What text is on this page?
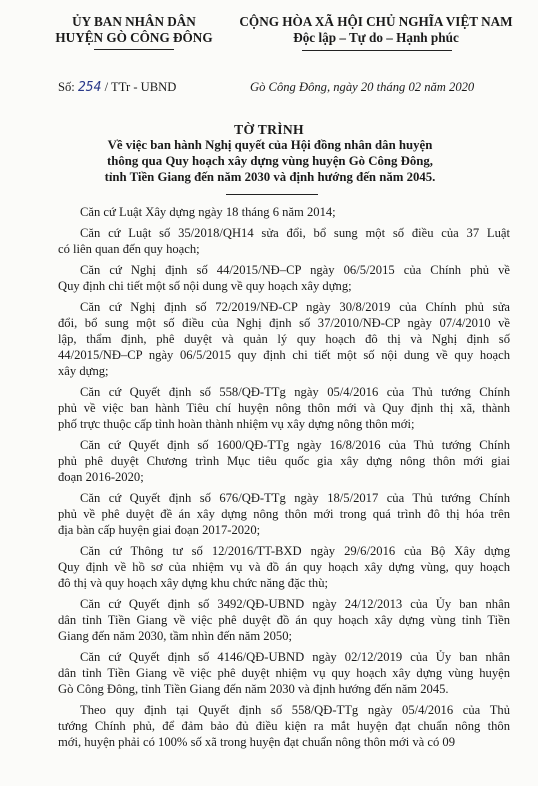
ỦY BAN NHÂN DÂN
HUYỆN GÒ CÔNG ĐÔNG
CỘNG HÒA XÃ HỘI CHỦ NGHĨA VIỆT NAM
Độc lập – Tự do – Hạnh phúc
Số: 254 / TTr - UBND	Gò Công Đông, ngày 20 tháng 02 năm 2020
TỜ TRÌNH
Về việc ban hành Nghị quyết của Hội đồng nhân dân huyện
thông qua Quy hoạch xây dựng vùng huyện Gò Công Đông,
tỉnh Tiền Giang đến năm 2030 và định hướng đến năm 2045.
Căn cứ Luật Xây dựng ngày 18 tháng 6 năm 2014;
Căn cứ Luật số 35/2018/QH14 sửa đổi, bổ sung một số điều của 37 Luật
có liên quan đến quy hoạch;
Căn cứ Nghị định số 44/2015/NĐ–CP ngày 06/5/2015 của Chính phủ về
Quy định chi tiết một số nội dung về quy hoạch xây dựng;
Căn cứ Nghị định số 72/2019/NĐ-CP ngày 30/8/2019 của Chính phủ sửa
đổi, bổ sung một số điều của Nghị định số 37/2010/NĐ-CP ngày 07/4/2010 về
lập, thẩm định, phê duyệt và quản lý quy hoạch đô thị và Nghị định số
44/2015/NĐ–CP ngày 06/5/2015 quy định chi tiết một số nội dung về quy hoạch
xây dựng;
Căn cứ Quyết định số 558/QĐ-TTg ngày 05/4/2016 của Thủ tướng Chính
phủ về việc ban hành Tiêu chí huyện nông thôn mới và Quy định thị xã, thành
phố trực thuộc cấp tỉnh hoàn thành nhiệm vụ xây dựng nông thôn mới;
Căn cứ Quyết định số 1600/QĐ-TTg ngày 16/8/2016 của Thủ tướng Chính
phủ phê duyệt Chương trình Mục tiêu quốc gia xây dựng nông thôn mới giai
đoạn 2016-2020;
Căn cứ Quyết định số 676/QĐ-TTg ngày 18/5/2017 của Thủ tướng Chính
phủ về phê duyệt đề án xây dựng nông thôn mới trong quá trình đô thị hóa trên
địa bàn cấp huyện giai đoạn 2017-2020;
Căn cứ Thông tư số 12/2016/TT-BXD ngày 29/6/2016 của Bộ Xây dựng
Quy định về hồ sơ của nhiệm vụ và đồ án quy hoạch xây dựng vùng, quy hoạch
đô thị và quy hoạch xây dựng khu chức năng đặc thù;
Căn cứ Quyết định số 3492/QĐ-UBND ngày 24/12/2013 của Ủy ban nhân
dân tỉnh Tiền Giang về việc phê duyệt đồ án quy hoạch xây dựng vùng tỉnh Tiền
Giang đến năm 2030, tầm nhìn đến năm 2050;
Căn cứ Quyết định số 4146/QĐ-UBND ngày 02/12/2019 của Ủy ban nhân
dân tỉnh Tiền Giang về việc phê duyệt nhiệm vụ quy hoạch xây dựng vùng huyện
Gò Công Đông, tỉnh Tiền Giang đến năm 2030 và định hướng đến năm 2045.
Theo quy định tại Quyết định số 558/QĐ-TTg ngày 05/4/2016 của Thủ
tướng Chính phủ, để đảm bảo đủ điều kiện ra mắt huyện đạt chuẩn nông thôn
mới, huyện phải có 100% số xã trong huyện đạt chuẩn nông thôn mới và có 09
